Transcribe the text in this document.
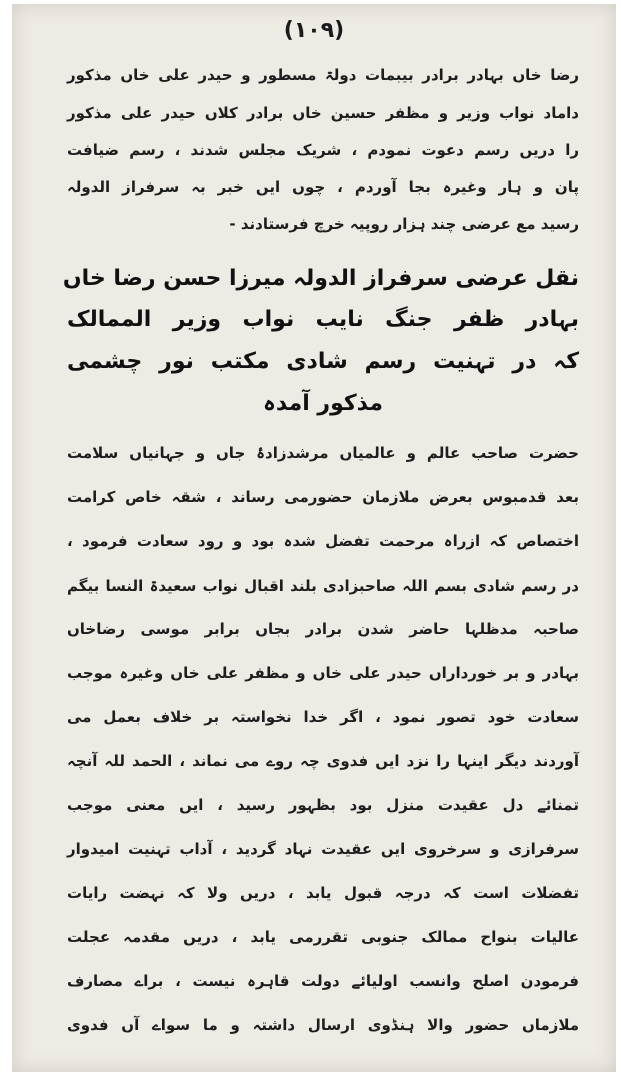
(۱۰۹)
رضا خاں بہادر برادر بیبمات دولۃ مسطور و حیدر علی خاں مذکور
داماد نواب وزیر و مظفر حسین خاں برادر کلاں حیدر علی مذکور
را دریں رسم دعوت نمودم ، شریک مجلس شدند ، رسم ضیافت
پان و ہار وغیرہ بجا آوردم ، چوں ایں خبر بہ سرفراز الدولہ
رسید مع عرضی چند ہزار روپیہ خرچ فرستادند -
نقل عرضی سرفراز الدولہ میرزا حسن رضا خاں
بہادر ظفر جنگ نایب نواب وزیر الممالک
کہ در تہنیت رسم شادی مکتب نور چشمی
مذکور آمدہ
حضرت صاحب عالم و عالمیاں مرشدزادۂ جاں و جہانیاں سلامت
بعد قدمبوس بعرض ملازمان حضورمی رساند ، شقہ خاص کرامت
اختصاص کہ ازراہ مرحمت تفضل شدہ بود و رود سعادت فرمود ،
در رسم شادی بسم اللہ صاحبزادی بلند اقبال نواب سعیدۃ النسا بیگم
صاحبہ مدظلہا حاضر شدن برادر بجاں برابر موسی رضاخاں
بہادر و بر خورداراں حیدر علی خاں و مظفر علی خاں وغیرہ موجب
سعادت خود تصور نمود ، اگر خدا نخواستہ بر خلاف بعمل می
آوردند دیگر اینہا را نزد ایں فدوی چہ روے می نماند ، الحمد للہ آنچہ
تمنائے دل عقیدت منزل بود بظہور رسید ، ایں معنی موجب
سرفرازی و سرخروی ایں عقیدت نہاد گردید ، آداب تہنیت امیدوار
تفضلات است کہ درجہ قبول یابد ، دریں ولا کہ نہضت رایات
عالیات بنواح ممالک جنوبی تقررمی یابد ، دریں مقدمہ عجلت
فرمودن اصلح وانسب اولیائے دولت قاہرہ نیست ، براے مصارف
ملازماں حضور والا ہنڈوی ارسال داشتہ و ما سواے آں فدوی
